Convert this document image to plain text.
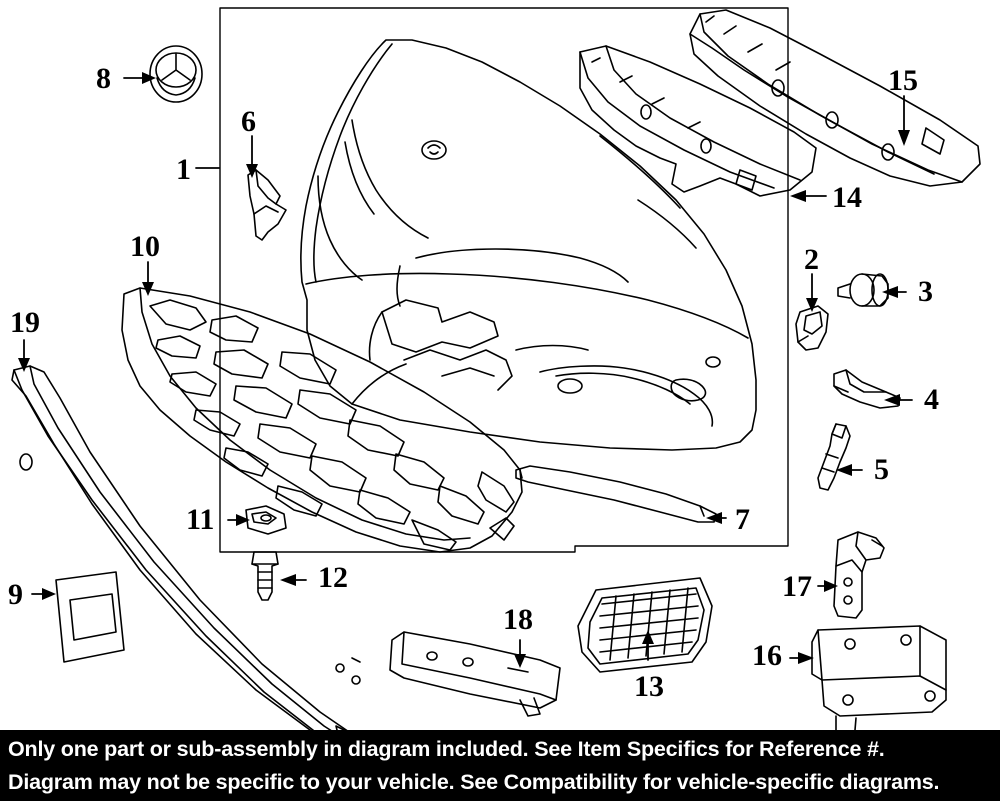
1
2
3
4
5
6
7
8
9
10
11
12
13
14
15
16
17
18
19
Only one part or sub-assembly in diagram included. See Item Specifics for Reference #.
Diagram may not be specific to your vehicle. See Compatibility for vehicle-specific diagrams.
